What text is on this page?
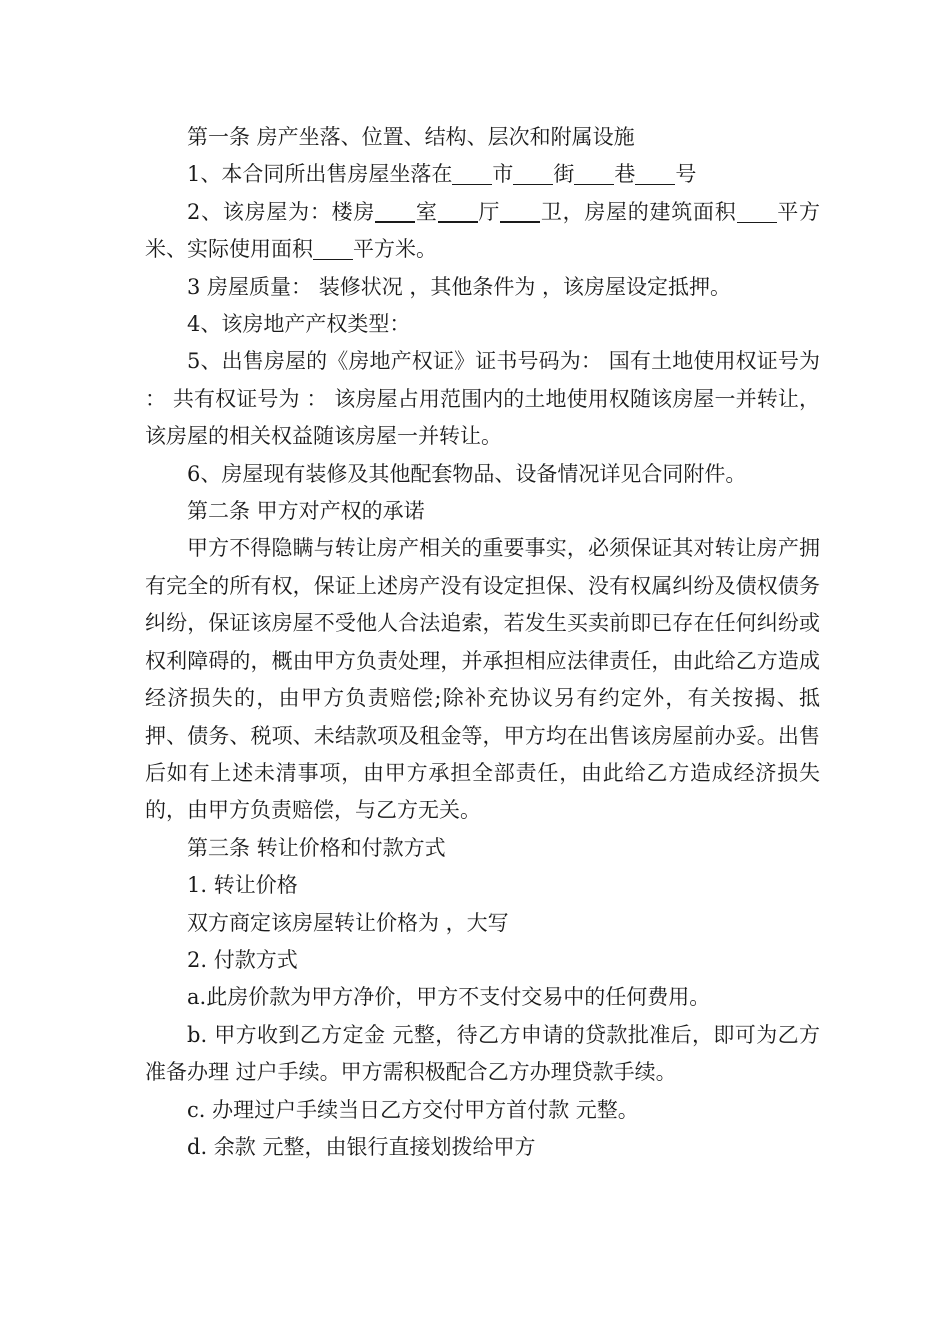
第一条 房产坐落、位置、结构、层次和附属设施

1、本合同所出售房屋坐落在 市 街 巷 号

2、该房屋为：楼房 室 厅 卫，房屋的建筑面积 平方米、实际使用面积 平方米。

3 房屋质量： 装修状况 ，其他条件为 ，该房屋设定抵押。

4、该房地产产权类型：

5、出售房屋的《房地产权证》证书号码为： 国有土地使用权证号为 ： 共有权证号为 ： 该房屋占用范围内的土地使用权随该房屋一并转让，该房屋的相关权益随该房屋一并转让。

6、房屋现有装修及其他配套物品、设备情况详见合同附件。

第二条 甲方对产权的承诺

甲方不得隐瞒与转让房产相关的重要事实，必须保证其对转让房产拥有完全的所有权，保证上述房产没有设定担保、没有权属纠纷及债权债务纠纷，保证该房屋不受他人合法追索，若发生买卖前即已存在任何纠纷或权利障碍的，概由甲方负责处理，并承担相应法律责任，由此给乙方造成经济损失的，由甲方负责赔偿;除补充协议另有约定外，有关按揭、抵押、债务、税项、未结款项及租金等，甲方均在出售该房屋前办妥。出售后如有上述未清事项，由甲方承担全部责任，由此给乙方造成经济损失的，由甲方负责赔偿，与乙方无关。

第三条 转让价格和付款方式

1. 转让价格

双方商定该房屋转让价格为 ，大写

2. 付款方式

a.此房价款为甲方净价，甲方不支付交易中的任何费用。

b. 甲方收到乙方定金 元整，待乙方申请的贷款批准后，即可为乙方准备办理 过户手续。甲方需积极配合乙方办理贷款手续。

c. 办理过户手续当日乙方交付甲方首付款 元整。

d. 余款 元整，由银行直接划拨给甲方
